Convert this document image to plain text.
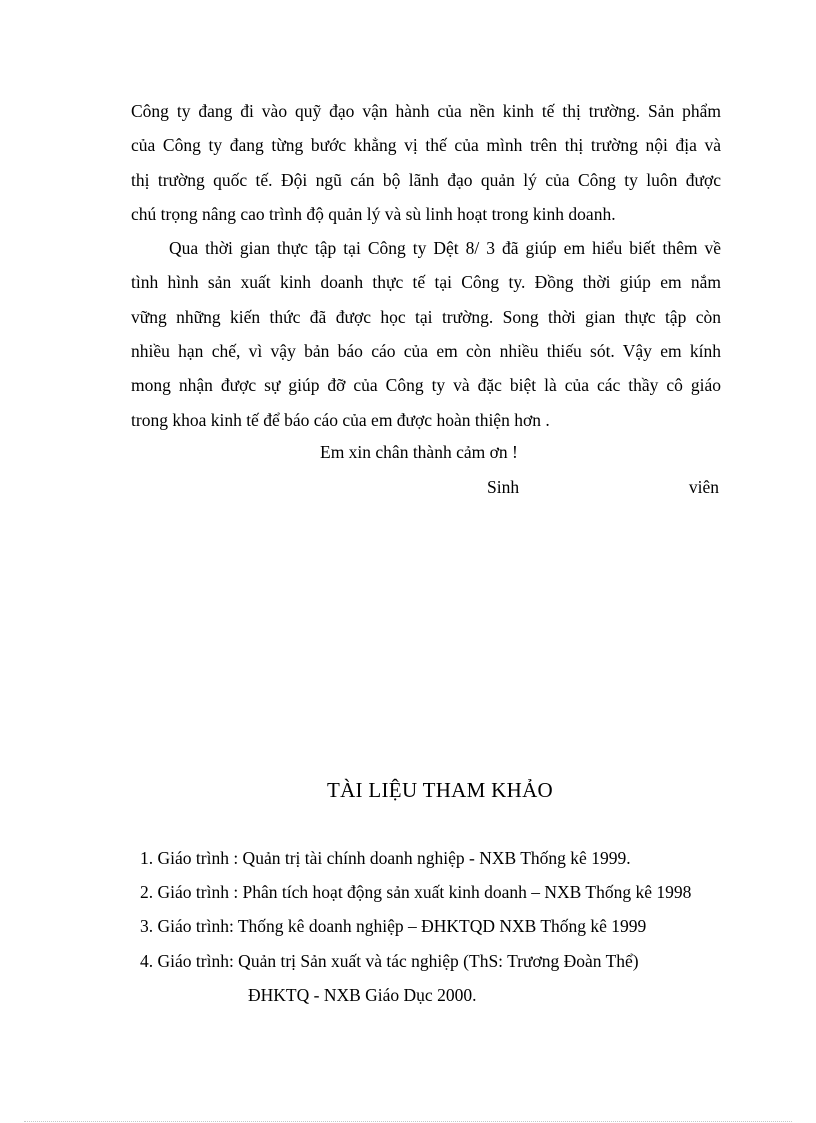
Công ty đang đi vào quỹ đạo vận hành của nền kinh tế thị trường. Sản phẩm
của Công ty đang từng bước khẳng vị thế của mình trên thị trường nội địa và
thị trường quốc tế. Đội ngũ cán bộ lãnh đạo quản lý của Công ty luôn được
chú trọng nâng cao trình độ quản lý và sù linh hoạt trong kinh doanh.

Qua thời gian thực tập tại Công ty Dệt 8/ 3 đã giúp em hiểu biết thêm về
tình hình sản xuất kinh doanh thực tế tại Công ty. Đồng thời giúp em nắm
vững những kiến thức đã được học tại trường. Song thời gian thực tập còn
nhiều hạn chế, vì vậy bản báo cáo của em còn nhiều thiếu sót. Vậy em kính
mong nhận được sự giúp đỡ của Công ty và đặc biệt là của các thầy cô giáo
trong khoa kinh tế để báo cáo của em được hoàn thiện hơn .

Em xin chân thành cảm ơn !
Sinh	viên
TÀI LIỆU THAM KHẢO
1. Giáo trình : Quản trị tài chính doanh nghiệp - NXB Thống kê 1999.
2. Giáo trình : Phân tích hoạt động sản xuất kinh doanh – NXB Thống kê 1998
3. Giáo trình: Thống kê doanh nghiệp – ĐHKTQD NXB Thống kê 1999
4. Giáo trình: Quản trị Sản xuất và tác nghiệp (ThS: Trương Đoàn Thể)
ĐHKTQ - NXB Giáo Dục 2000.
